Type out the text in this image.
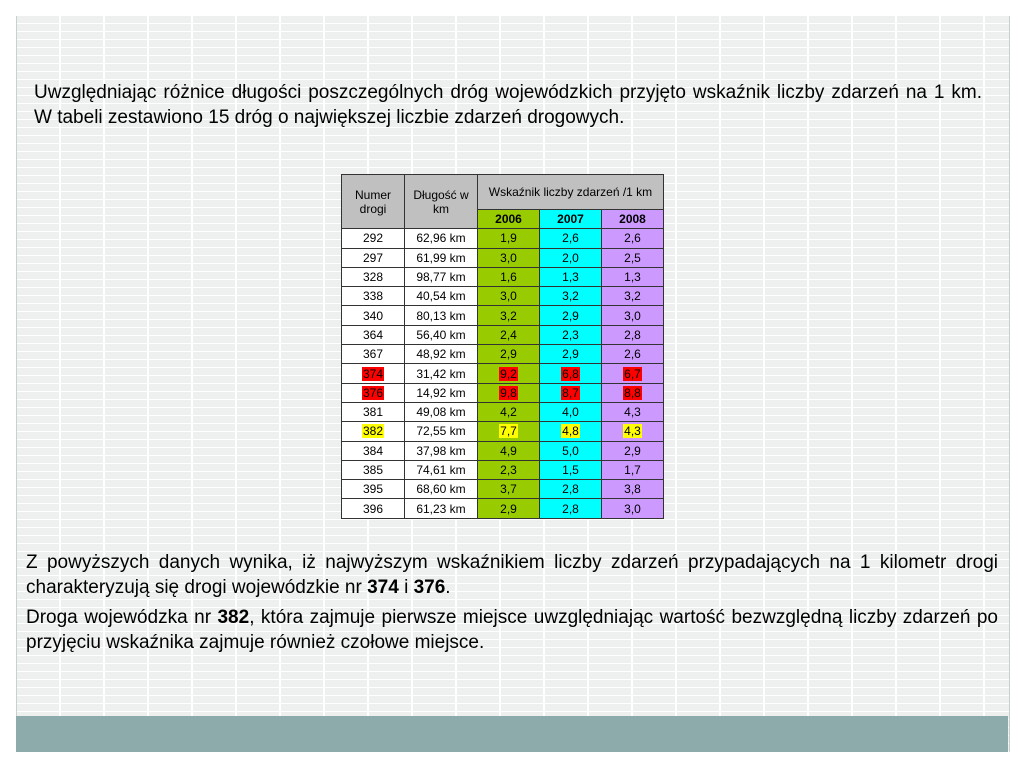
Uwzględniając różnice długości poszczególnych dróg wojewódzkich przyjęto wskaźnik liczby zdarzeń na 1 km. W tabeli zestawiono 15 dróg o największej liczbie zdarzeń drogowych.

Numer drogi	Długość w km	Wskaźnik liczby zdarzeń /1 km		
		2006	2007	2008
292	62,96 km	1,9	2,6	2,6
297	61,99 km	3,0	2,0	2,5
328	98,77 km	1,6	1,3	1,3
338	40,54 km	3,0	3,2	3,2
340	80,13 km	3,2	2,9	3,0
364	56,40 km	2,4	2,3	2,8
367	48,92 km	2,9	2,9	2,6
374	31,42 km	9,2	6,8	6,7
376	14,92 km	9,8	8,7	8,8
381	49,08 km	4,2	4,0	4,3
382	72,55 km	7,7	4,8	4,3
384	37,98 km	4,9	5,0	2,9
385	74,61 km	2,3	1,5	1,7
395	68,60 km	3,7	2,8	3,8
396	61,23 km	2,9	2,8	3,0

Z powyższych danych wynika, iż najwyższym wskaźnikiem liczby zdarzeń przypadających na 1 kilometr drogi charakteryzują się drogi wojewódzkie nr 374 i 376.

Droga wojewódzka nr 382, która zajmuje pierwsze miejsce uwzględniając wartość bezwzględną liczby zdarzeń po przyjęciu wskaźnika zajmuje również czołowe miejsce.
